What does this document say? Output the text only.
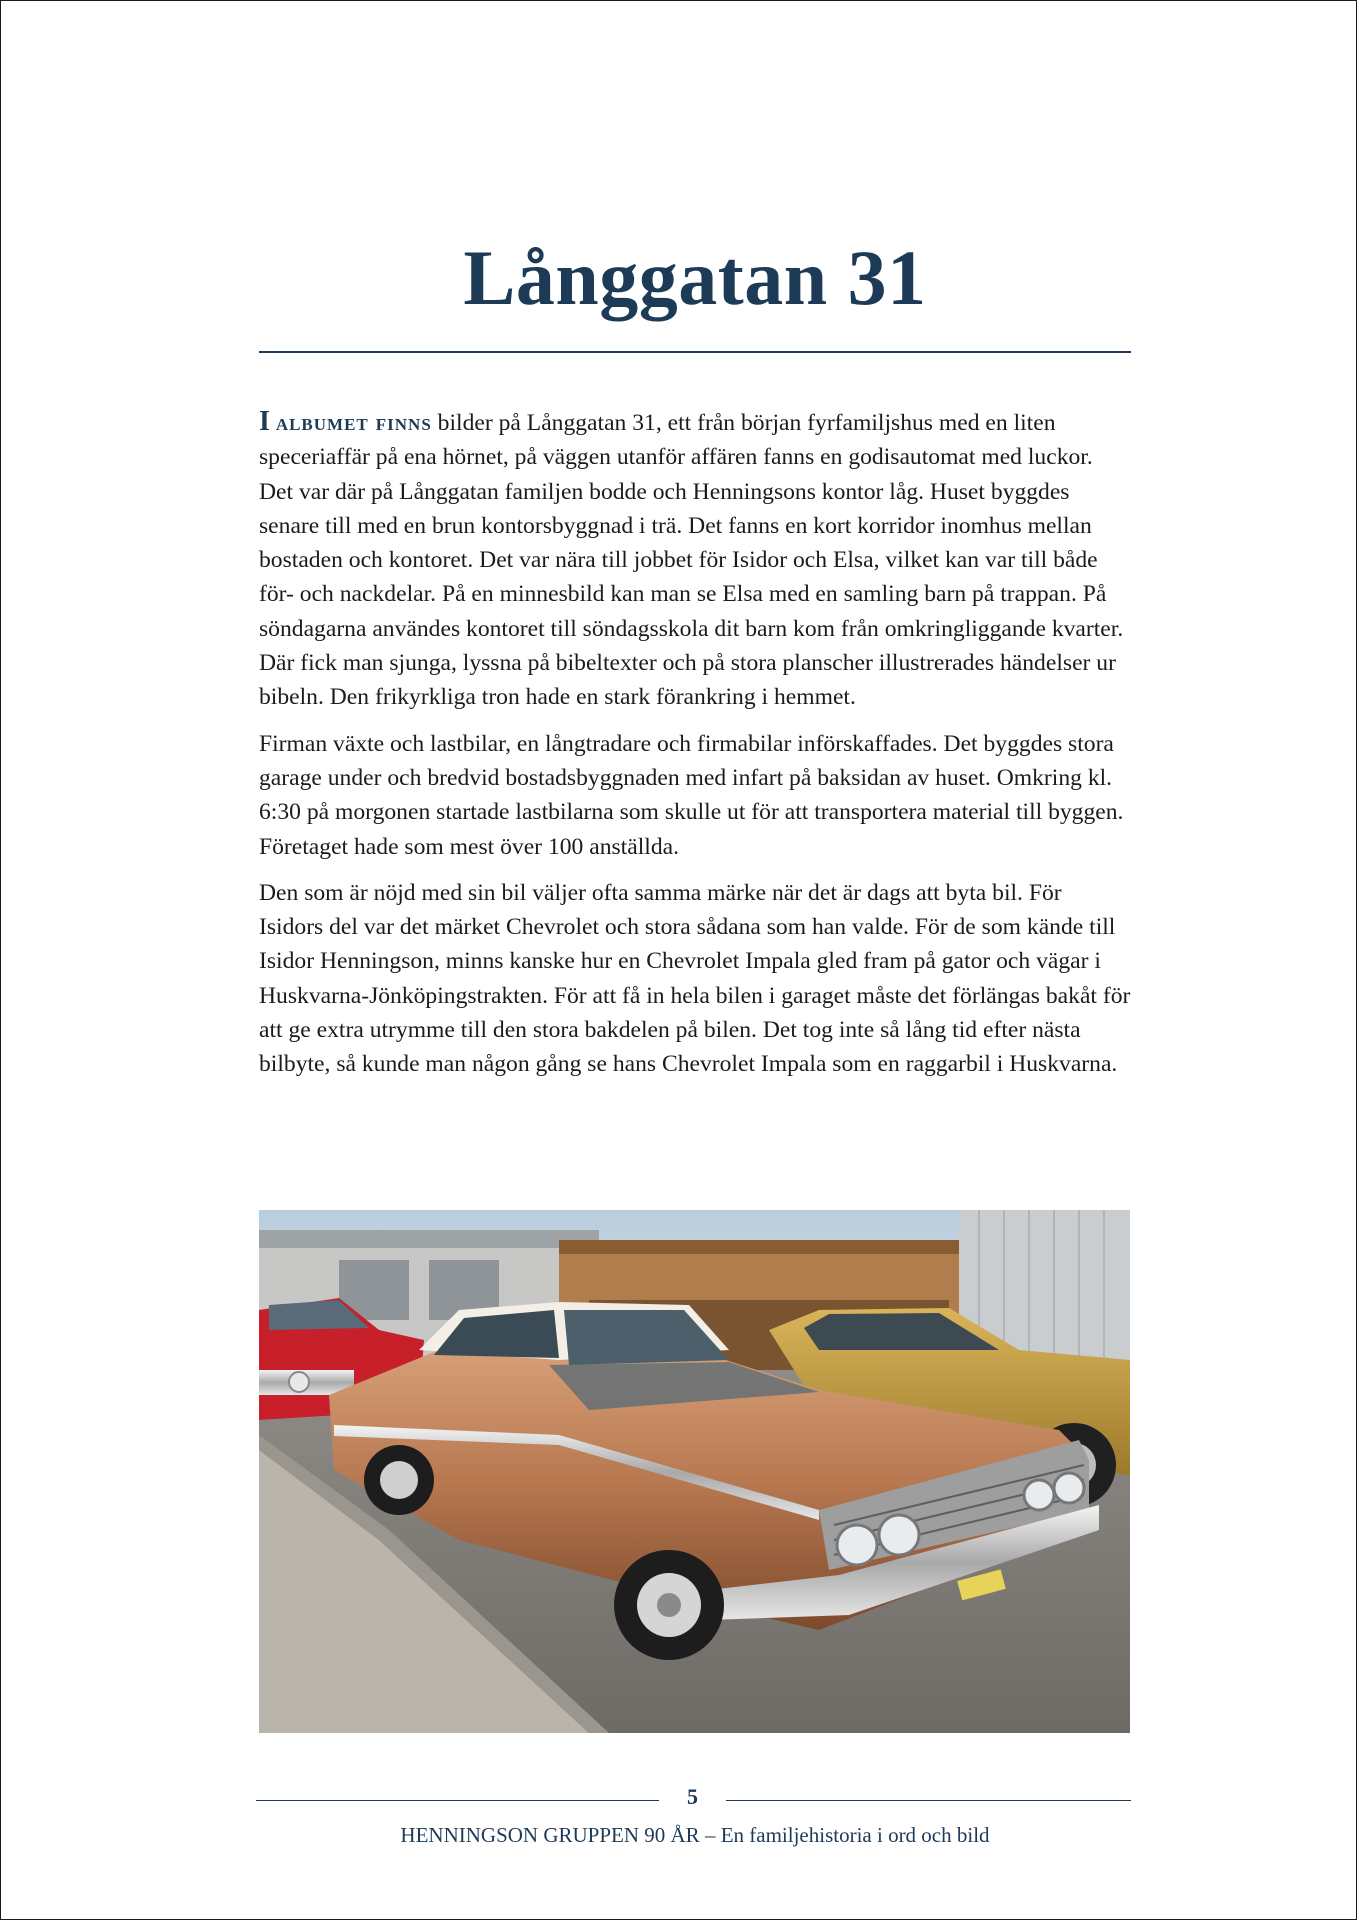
Långgatan 31

I albumet finns bilder på Långgatan 31, ett från början fyrfamiljshus med en liten speceriaffär på ena hörnet, på väggen utanför affären fanns en godisautomat med luckor. Det var där på Långgatan familjen bodde och Henningsons kontor låg. Huset byggdes senare till med en brun kontorsbyggnad i trä. Det fanns en kort korridor inomhus mellan bostaden och kontoret. Det var nära till jobbet för Isidor och Elsa, vilket kan var till både för- och nackdelar. På en minnesbild kan man se Elsa med en samling barn på trappan. På söndagarna användes kontoret till söndagsskola dit barn kom från omkringliggande kvarter. Där fick man sjunga, lyssna på bibeltexter och på stora planscher illustrerades händelser ur bibeln. Den frikyrkliga tron hade en stark förankring i hemmet.

Firman växte och lastbilar, en långtradare och firmabilar införskaffades. Det byggdes stora garage under och bredvid bostadsbyggnaden med infart på baksidan av huset. Omkring kl. 6:30 på morgonen startade lastbilarna som skulle ut för att transportera material till byggen. Företaget hade som mest över 100 anställda.

Den som är nöjd med sin bil väljer ofta samma märke när det är dags att byta bil. För Isidors del var det märket Chevrolet och stora sådana som han valde. För de som kände till Isidor Henningson, minns kanske hur en Chevrolet Impala gled fram på gator och vägar i Huskvarna-Jönköpingstrakten. För att få in hela bilen i garaget måste det förlängas bakåt för att ge extra utrymme till den stora bakdelen på bilen. Det tog inte så lång tid efter nästa bilbyte, så kunde man någon gång se hans Chevrolet Impala som en raggarbil i Huskvarna.

5
HENNINGSON GRUPPEN 90 ÅR – En familjehistoria i ord och bild
